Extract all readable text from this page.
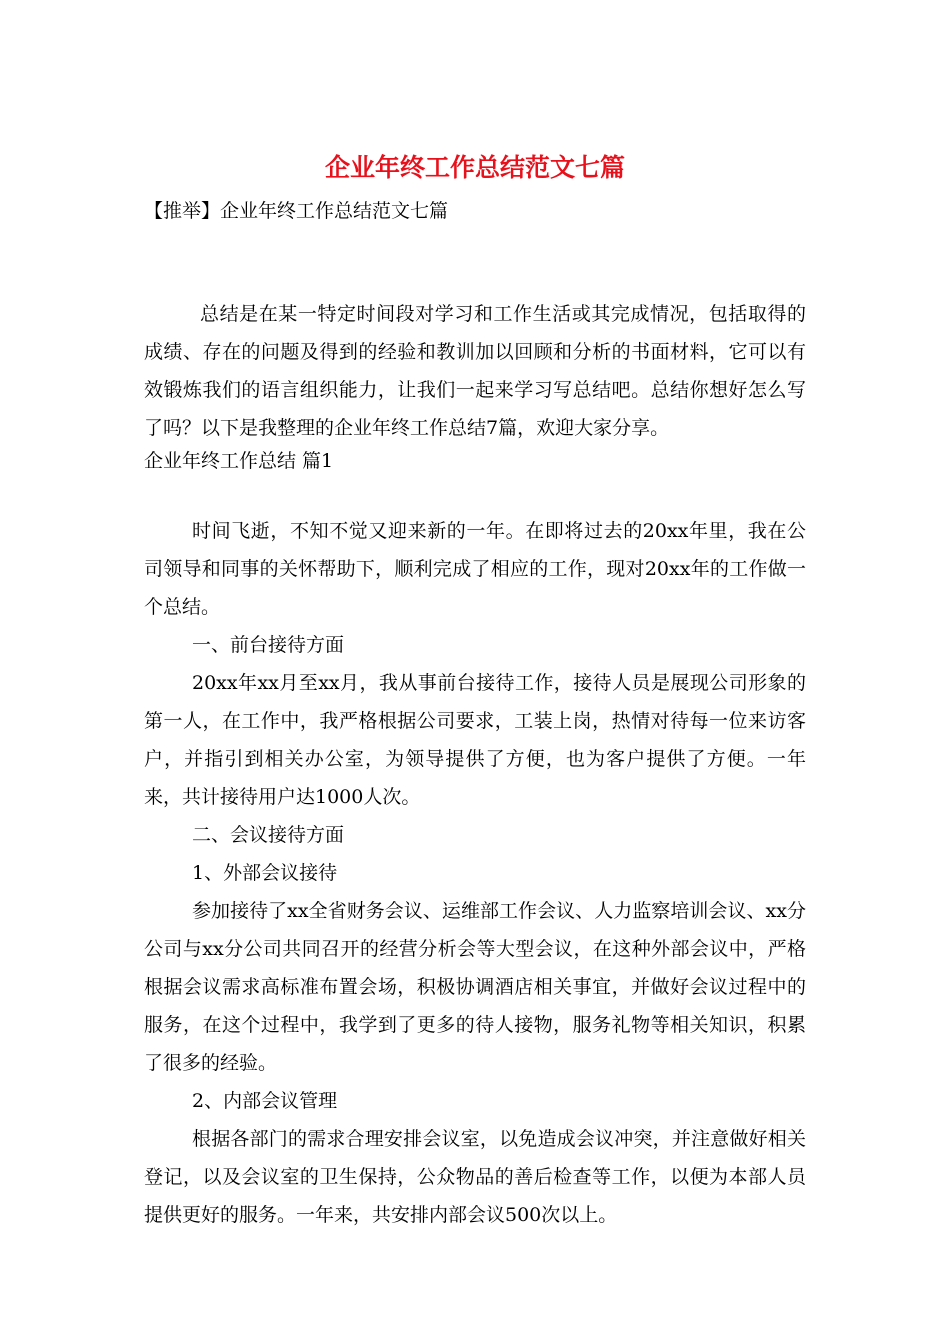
企业年终工作总结范文七篇

【推举】企业年终工作总结范文七篇

总结是在某一特定时间段对学习和工作生活或其完成情况，包括取得的成绩、存在的问题及得到的经验和教训加以回顾和分析的书面材料，它可以有效锻炼我们的语言组织能力，让我们一起来学习写总结吧。总结你想好怎么写了吗？以下是我整理的企业年终工作总结7篇，欢迎大家分享。

企业年终工作总结 篇1

时间飞逝，不知不觉又迎来新的一年。在即将过去的20xx年里，我在公司领导和同事的关怀帮助下，顺利完成了相应的工作，现对20xx年的工作做一个总结。

一、前台接待方面

20xx年xx月至xx月，我从事前台接待工作，接待人员是展现公司形象的第一人，在工作中，我严格根据公司要求，工装上岗，热情对待每一位来访客户，并指引到相关办公室，为领导提供了方便，也为客户提供了方便。一年来，共计接待用户达1000人次。

二、会议接待方面

1、外部会议接待

参加接待了xx全省财务会议、运维部工作会议、人力监察培训会议、xx分公司与xx分公司共同召开的经营分析会等大型会议，在这种外部会议中，严格根据会议需求高标准布置会场，积极协调酒店相关事宜，并做好会议过程中的服务，在这个过程中，我学到了更多的待人接物，服务礼物等相关知识，积累了很多的经验。

2、内部会议管理

根据各部门的需求合理安排会议室，以免造成会议冲突，并注意做好相关登记，以及会议室的卫生保持，公众物品的善后检查等工作，以便为本部人员提供更好的服务。一年来，共安排内部会议500次以上。
